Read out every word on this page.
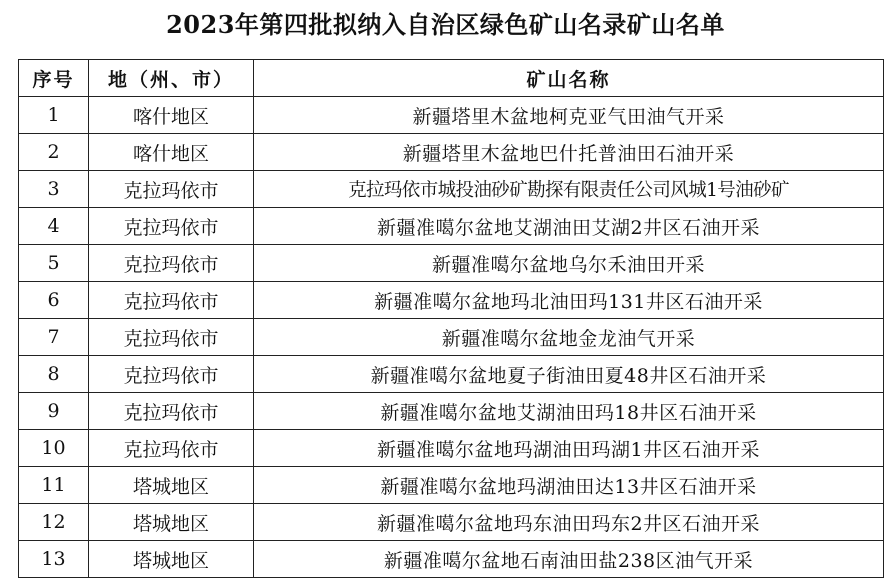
2023年第四批拟纳入自治区绿色矿山名录矿山名单
序号	地（州、市）	矿山名称
1	喀什地区	新疆塔里木盆地柯克亚气田油气开采
2	喀什地区	新疆塔里木盆地巴什托普油田石油开采
3	克拉玛依市	克拉玛依市城投油砂矿勘探有限责任公司风城1号油砂矿
4	克拉玛依市	新疆准噶尔盆地艾湖油田艾湖2井区石油开采
5	克拉玛依市	新疆准噶尔盆地乌尔禾油田开采
6	克拉玛依市	新疆准噶尔盆地玛北油田玛131井区石油开采
7	克拉玛依市	新疆准噶尔盆地金龙油气开采
8	克拉玛依市	新疆准噶尔盆地夏子街油田夏48井区石油开采
9	克拉玛依市	新疆准噶尔盆地艾湖油田玛18井区石油开采
10	克拉玛依市	新疆准噶尔盆地玛湖油田玛湖1井区石油开采
11	塔城地区	新疆准噶尔盆地玛湖油田达13井区石油开采
12	塔城地区	新疆准噶尔盆地玛东油田玛东2井区石油开采
13	塔城地区	新疆准噶尔盆地石南油田盐238区油气开采
